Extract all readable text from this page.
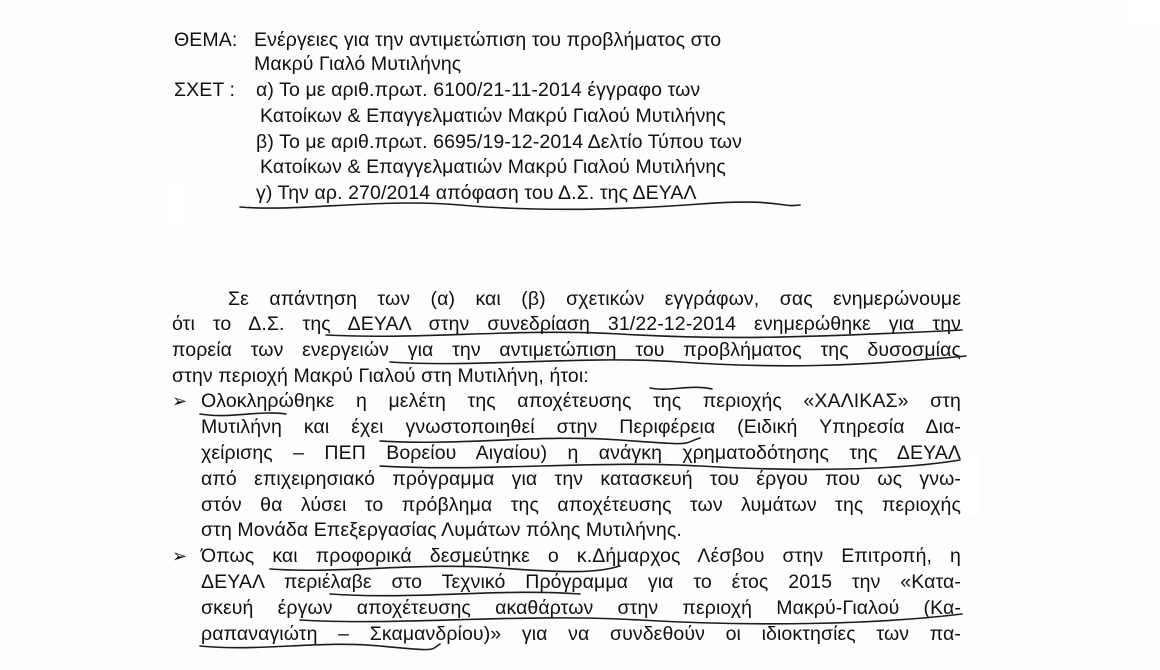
ΘΕΜΑ: Ενέργειες για την αντιμετώπιση του προβλήματος στο
Μακρύ Γιαλό Μυτιλήνης
ΣΧΕΤ : α) Το με αριθ.πρωτ. 6100/21-11-2014 έγγραφο των
Κατοίκων & Επαγγελματιών Μακρύ Γιαλού Μυτιλήνης
β) Το με αριθ.πρωτ. 6695/19-12-2014 Δελτίο Τύπου των
Κατοίκων & Επαγγελματιών Μακρύ Γιαλού Μυτιλήνης
γ) Την αρ. 270/2014 απόφαση του Δ.Σ. της ΔΕΥΑΛ
Σε απάντηση των (α) και (β) σχετικών εγγράφων, σας ενημερώνουμε
ότι το Δ.Σ. της ΔΕΥΑΛ στην συνεδρίαση 31/22-12-2014 ενημερώθηκε για την
πορεία των ενεργειών για την αντιμετώπιση του προβλήματος της δυσοσμίας
στην περιοχή Μακρύ Γιαλού στη Μυτιλήνη, ήτοι:
➢ Ολοκληρώθηκε η μελέτη της αποχέτευσης της περιοχής «ΧΑΛΙΚΑΣ» στη
Μυτιλήνη και έχει γνωστοποιηθεί στην Περιφέρεια (Ειδική Υπηρεσία Δια-
χείρισης – ΠΕΠ Βορείου Αιγαίου) η ανάγκη χρηματοδότησης της ΔΕΥΑΛ
από επιχειρησιακό πρόγραμμα για την κατασκευή του έργου που ως γνω-
στόν θα λύσει το πρόβλημα της αποχέτευσης των λυμάτων της περιοχής
στη Μονάδα Επεξεργασίας Λυμάτων πόλης Μυτιλήνης.
➢ Όπως και προφορικά δεσμεύτηκε ο κ.Δήμαρχος Λέσβου στην Επιτροπή, η
ΔΕΥΑΛ περιέλαβε στο Τεχνικό Πρόγραμμα για το έτος 2015 την «Κατα-
σκευή έργων αποχέτευσης ακαθάρτων στην περιοχή Μακρύ-Γιαλού (Κα-
ραπαναγιώτη – Σκαμανδρίου)» για να συνδεθούν οι ιδιοκτησίες των πα-
